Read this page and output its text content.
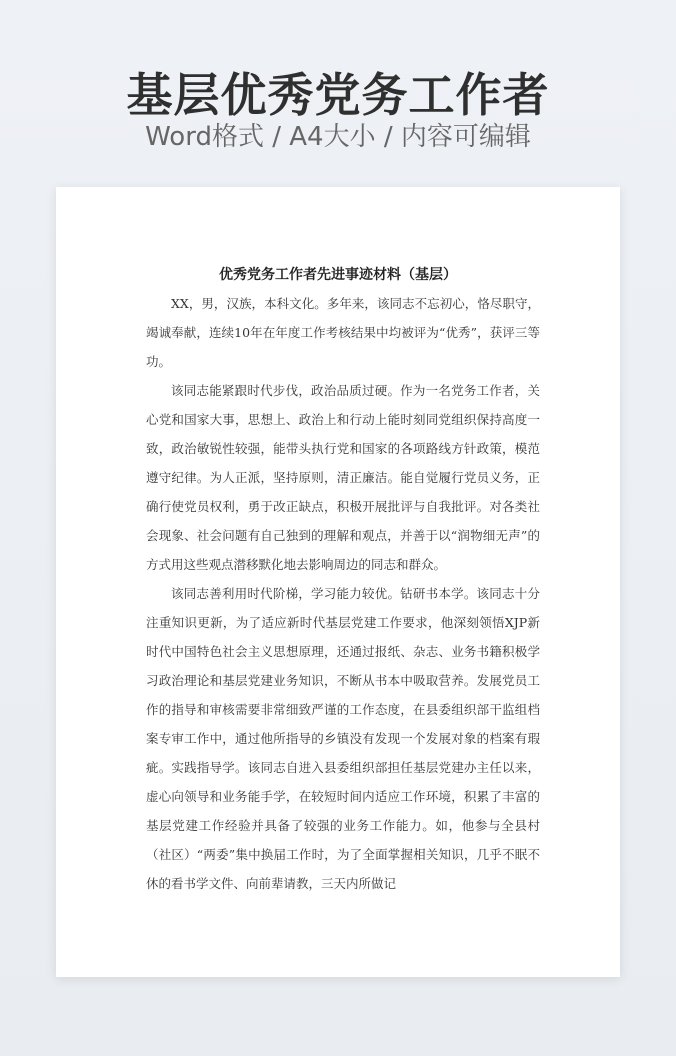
基层优秀党务工作者
Word格式 / A4大小 / 内容可编辑
优秀党务工作者先进事迹材料（基层）

XX，男，汉族，本科文化。多年来，该同志不忘初心，恪尽职守，竭诚奉献，连续10年在年度工作考核结果中均被评为“优秀”，获评三等功。

该同志能紧跟时代步伐，政治品质过硬。作为一名党务工作者，关心党和国家大事，思想上、政治上和行动上能时刻同党组织保持高度一致，政治敏锐性较强，能带头执行党和国家的各项路线方针政策，模范遵守纪律。为人正派，坚持原则，清正廉洁。能自觉履行党员义务，正确行使党员权利，勇于改正缺点，积极开展批评与自我批评。对各类社会现象、社会问题有自己独到的理解和观点，并善于以“润物细无声”的方式用这些观点潜移默化地去影响周边的同志和群众。

该同志善利用时代阶梯，学习能力较优。钻研书本学。该同志十分注重知识更新，为了适应新时代基层党建工作要求，他深刻领悟XJP新时代中国特色社会主义思想原理，还通过报纸、杂志、业务书籍积极学习政治理论和基层党建业务知识，不断从书本中吸取营养。发展党员工作的指导和审核需要非常细致严谨的工作态度，在县委组织部干监组档案专审工作中，通过他所指导的乡镇没有发现一个发展对象的档案有瑕疵。实践指导学。该同志自进入县委组织部担任基层党建办主任以来，虚心向领导和业务能手学，在较短时间内适应工作环境，积累了丰富的基层党建工作经验并具备了较强的业务工作能力。如，他参与全县村（社区）“两委”集中换届工作时，为了全面掌握相关知识，几乎不眠不休的看书学文件、向前辈请教，三天内所做记
